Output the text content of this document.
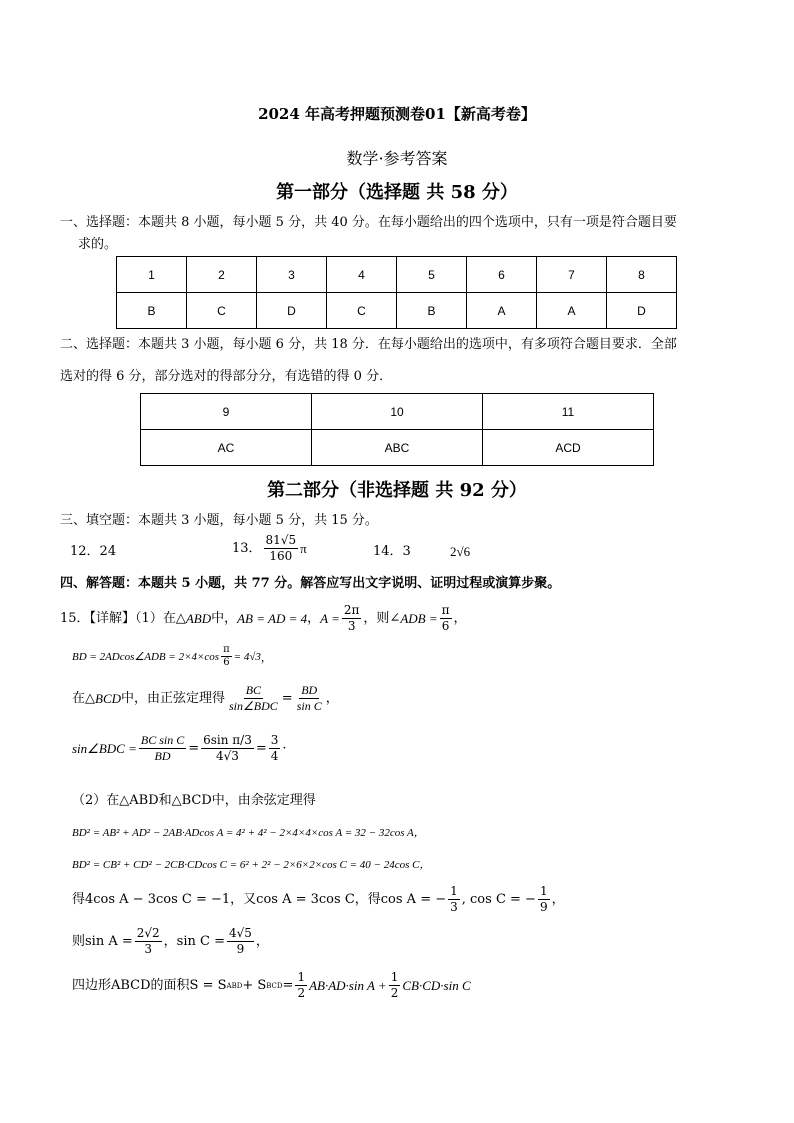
2024 年高考押题预测卷01【新高考卷】
数学·参考答案
第一部分（选择题 共 58 分）
一、选择题：本题共 8 小题，每小题 5 分，共 40 分。在每小题给出的四个选项中，只有一项是符合题目要
求的。
1	2	3	4	5	6	7	8
B	C	D	C	B	A	A	D
二、选择题：本题共 3 小题，每小题 6 分，共 18 分．在每小题给出的选项中，有多项符合题目要求．全部
选对的得 6 分，部分选对的得部分分，有选错的得 0 分．
9	10	11
AC	ABC	ACD
第二部分（非选择题 共 92 分）
三、填空题：本题共 3 小题，每小题 5 分，共 15 分。
12．24	13． $\frac{81√5}{160}$ π	14．3	2√6
四、解答题：本题共 5 小题，共 77 分。解答应写出文字说明、证明过程或演算步聚。
15．【详解】（1）在△ ABD 中， AB = AD = 4 ， $A = \frac{2\pi}{3}$ ，则∠ ADB = $\frac{\pi}{6}$ ，
BD = 2ADcos∠ADB = $2\times 4\times\cos \frac{\pi}{6} = 4√3$ ，
在△ BCD 中，由正弦定理得 $\frac{BC}{\text{sin∠BDC}} = \frac{BD}{\text{sin C}}$ ，
sin∠BDC = $\frac{\text{BC sin C}}{BD} = \frac{\text{6sin π/3}}{4√3} = \frac{3}{4}$ ·
（2）在△ABD和△BCD中，由余弦定理得
BD² = AB² + AD² − 2AB·ADcos A = 4² + 4² − 2×4×4×cos A = 32 − 32cos A，
BD² = CB² + CD² − 2CB·CDcos C = 6² + 2² − 2×6×2×cos C = 40 − 24cos C，
得4cos A − 3cos C = −1，又cos A = 3cos C，得cos A = − $\frac{1}{3}$ , cos C = − $\frac{1}{9}$ ，
则$\sin A = \frac{2√2}{3}$ ，$\sin C = \frac{4√5}{9}$ ，
四边形ABCD的面积S = S ABD + S BCD = $\frac{1}{2} AB\cdot AD\cdot\sin$ $A + \frac{1}{2} CB\cdot CD\cdot\sin$ C
